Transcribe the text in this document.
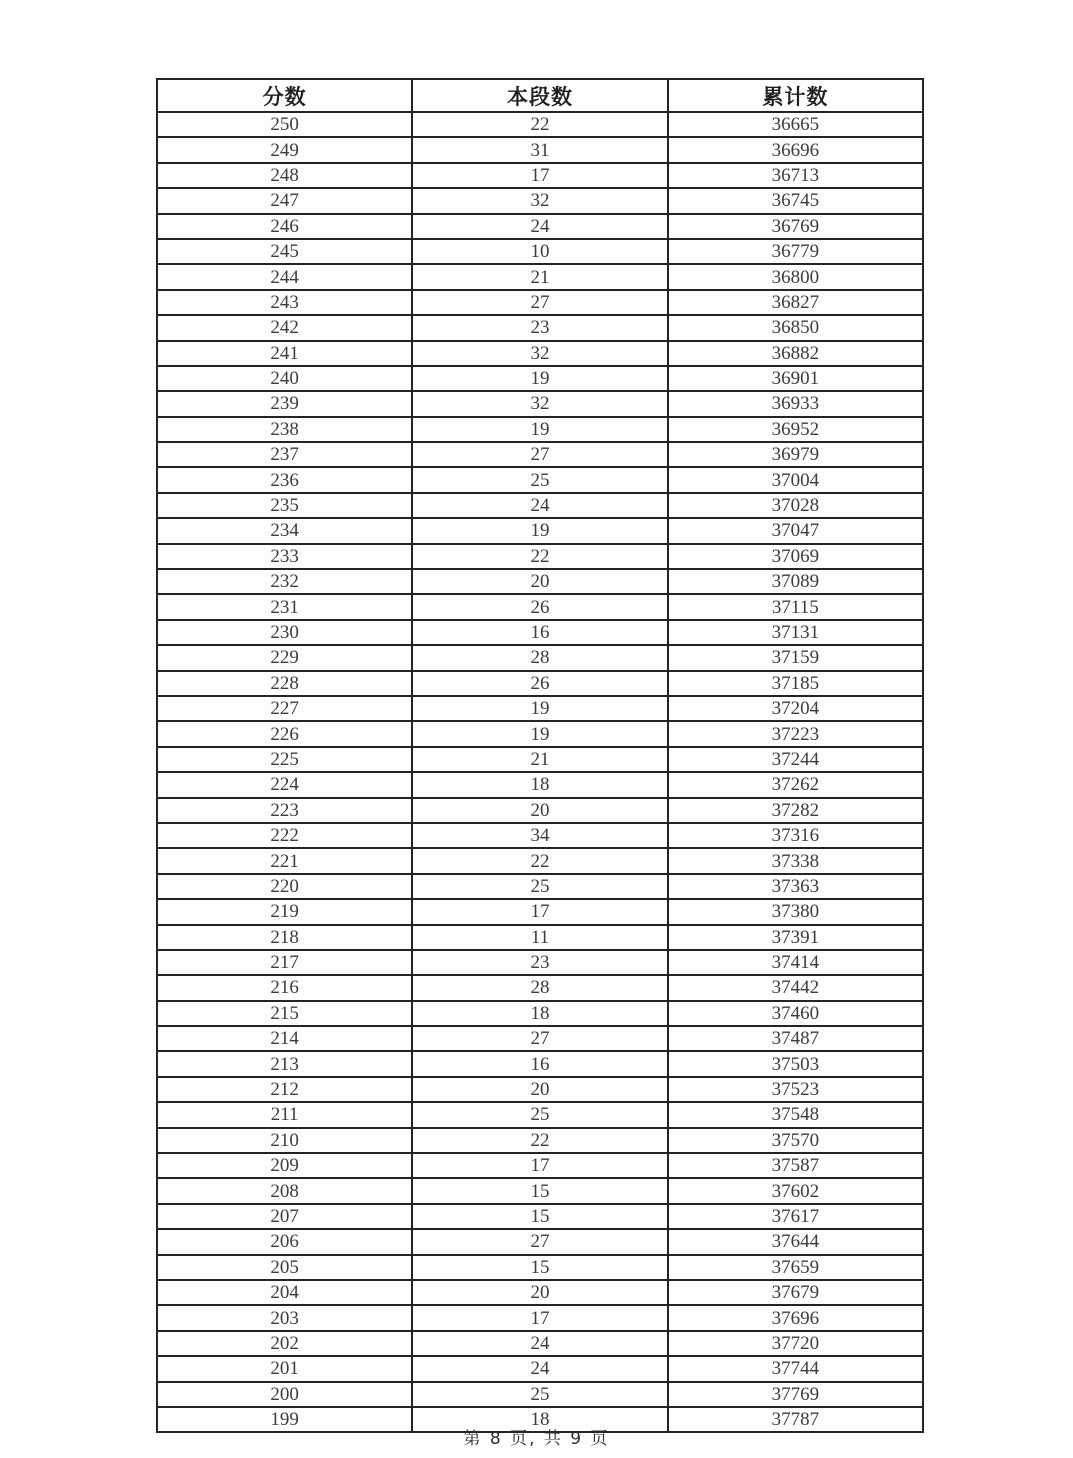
分数	本段数	累计数
250	22	36665
249	31	36696
248	17	36713
247	32	36745
246	24	36769
245	10	36779
244	21	36800
243	27	36827
242	23	36850
241	32	36882
240	19	36901
239	32	36933
238	19	36952
237	27	36979
236	25	37004
235	24	37028
234	19	37047
233	22	37069
232	20	37089
231	26	37115
230	16	37131
229	28	37159
228	26	37185
227	19	37204
226	19	37223
225	21	37244
224	18	37262
223	20	37282
222	34	37316
221	22	37338
220	25	37363
219	17	37380
218	11	37391
217	23	37414
216	28	37442
215	18	37460
214	27	37487
213	16	37503
212	20	37523
211	25	37548
210	22	37570
209	17	37587
208	15	37602
207	15	37617
206	27	37644
205	15	37659
204	20	37679
203	17	37696
202	24	37720
201	24	37744
200	25	37769
199	18	37787
第 8 页, 共 9 页
